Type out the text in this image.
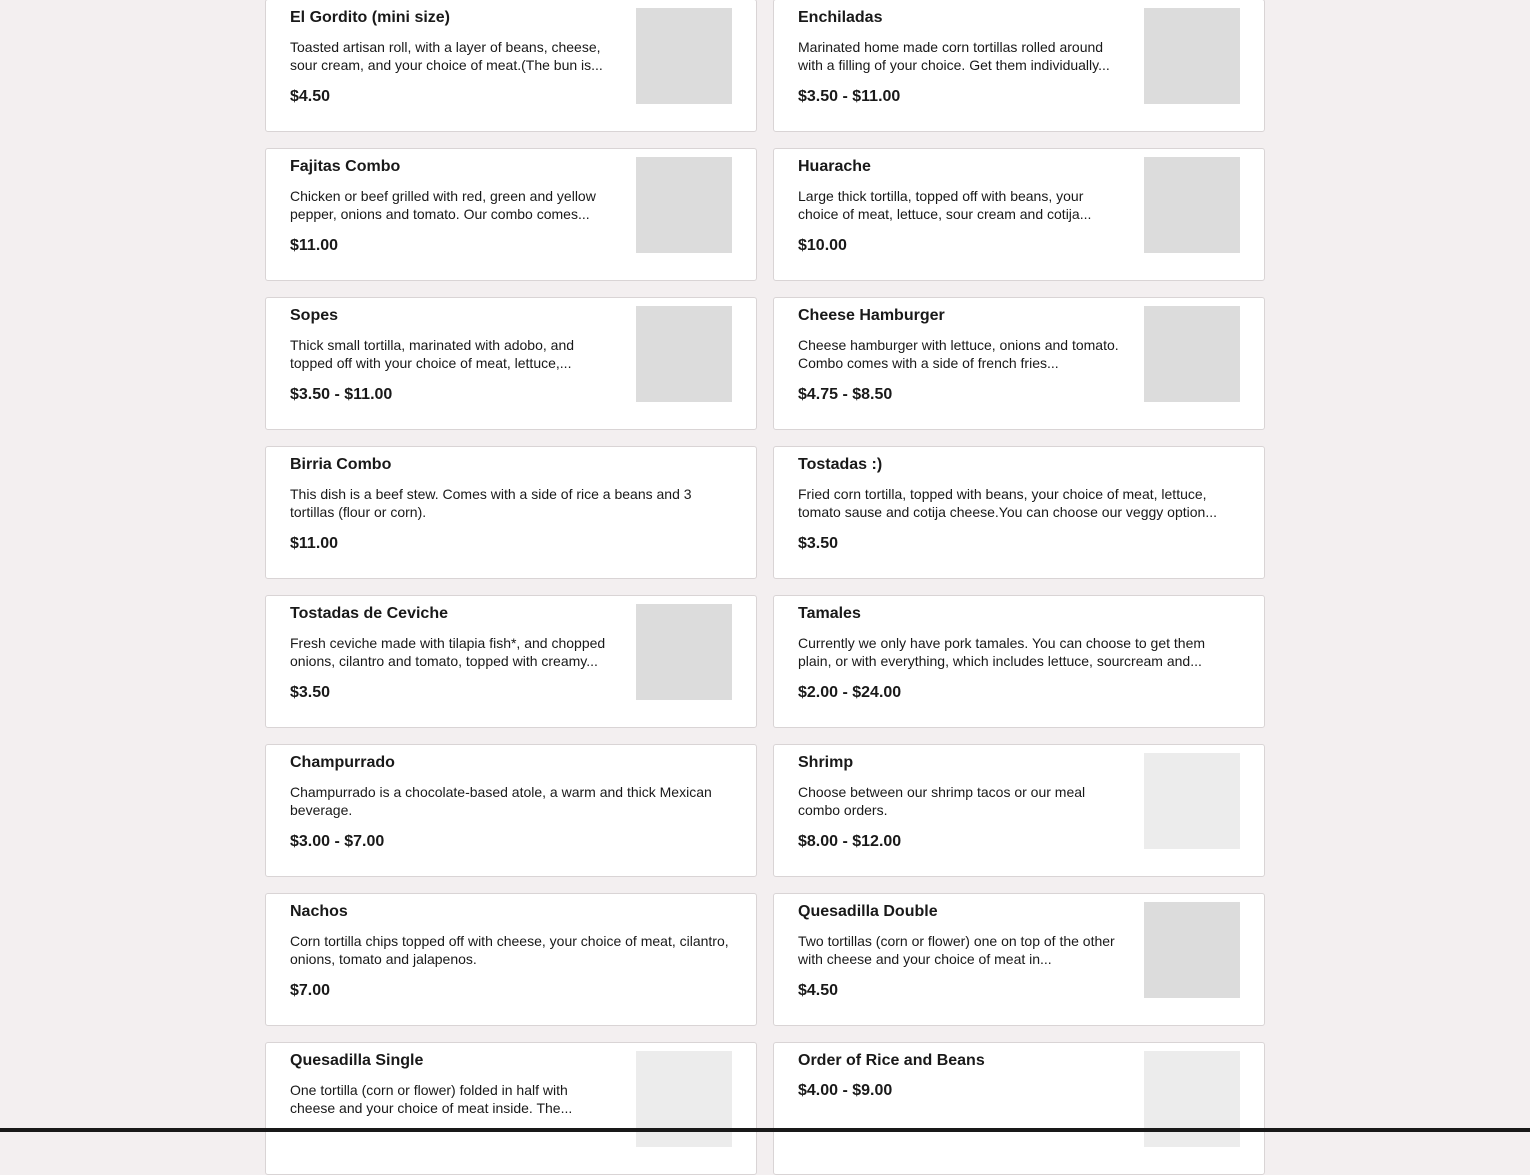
El Gordito (mini size)
Toasted artisan roll, with a layer of beans, cheese, sour cream, and your choice of meat.(The bun is...
$4.50
Enchiladas
Marinated home made corn tortillas rolled around with a filling of your choice. Get them individually...
$3.50 - $11.00
Fajitas Combo
Chicken or beef grilled with red, green and yellow pepper, onions and tomato. Our combo comes...
$11.00
Huarache
Large thick tortilla, topped off with beans, your choice of meat, lettuce, sour cream and cotija...
$10.00
Sopes
Thick small tortilla, marinated with adobo, and topped off with your choice of meat, lettuce,...
$3.50 - $11.00
Cheese Hamburger
Cheese hamburger with lettuce, onions and tomato. Combo comes with a side of french fries...
$4.75 - $8.50
Birria Combo
This dish is a beef stew. Comes with a side of rice a beans and 3 tortillas (flour or corn).
$11.00
Tostadas :)
Fried corn tortilla, topped with beans, your choice of meat, lettuce, tomato sause and cotija cheese.You can choose our veggy option...
$3.50
Tostadas de Ceviche
Fresh ceviche made with tilapia fish*, and chopped onions, cilantro and tomato, topped with creamy...
$3.50
Tamales
Currently we only have pork tamales. You can choose to get them plain, or with everything, which includes lettuce, sourcream and...
$2.00 - $24.00
Champurrado
Champurrado is a chocolate-based atole, a warm and thick Mexican beverage.
$3.00 - $7.00
Shrimp
Choose between our shrimp tacos or our meal combo orders.
$8.00 - $12.00
Nachos
Corn tortilla chips topped off with cheese, your choice of meat, cilantro, onions, tomato and jalapenos.
$7.00
Quesadilla Double
Two tortillas (corn or flower) one on top of the other with cheese and your choice of meat in...
$4.50
Quesadilla Single
One tortilla (corn or flower) folded in half with cheese and your choice of meat inside. The...
Order of Rice and Beans
$4.00 - $9.00
